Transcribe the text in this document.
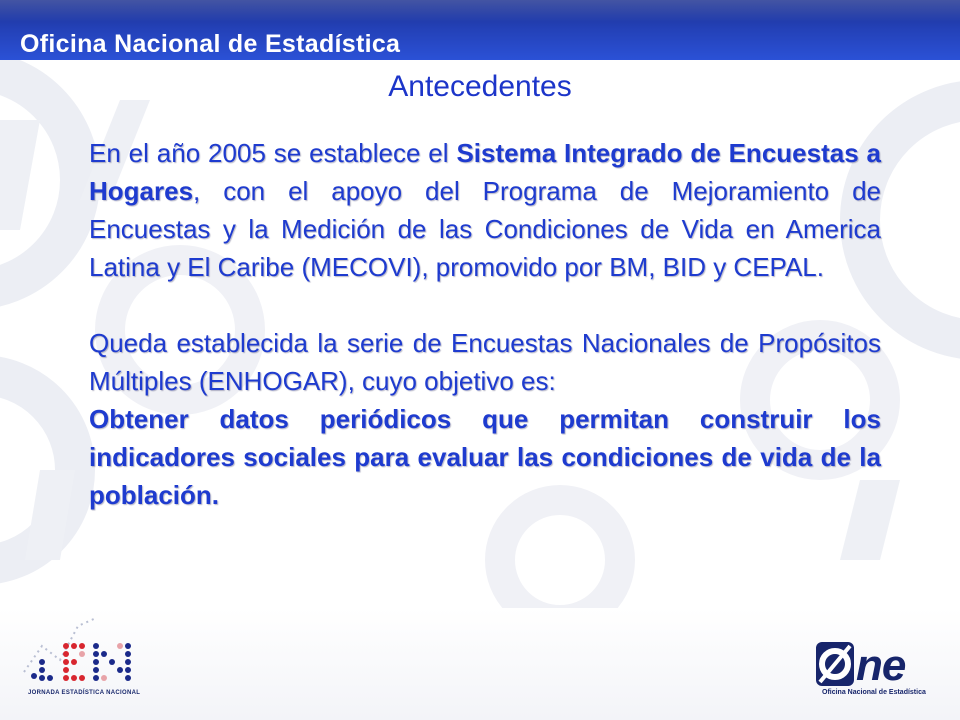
Oficina Nacional de Estadística
Antecedentes

En el año 2005 se establece el Sistema Integrado de Encuestas a Hogares, con el apoyo del Programa de Mejoramiento de Encuestas y la Medición de las Condiciones de Vida en America Latina y El Caribe (MECOVI), promovido por BM, BID y CEPAL.

Queda establecida la serie de Encuestas Nacionales de Propósitos Múltiples (ENHOGAR), cuyo objetivo es:

Obtener datos periódicos que permitan construir los indicadores sociales para evaluar las condiciones de vida de la población.

JORNADA ESTADÍSTICA NACIONAL
ne
Oficina Nacional de Estadística
